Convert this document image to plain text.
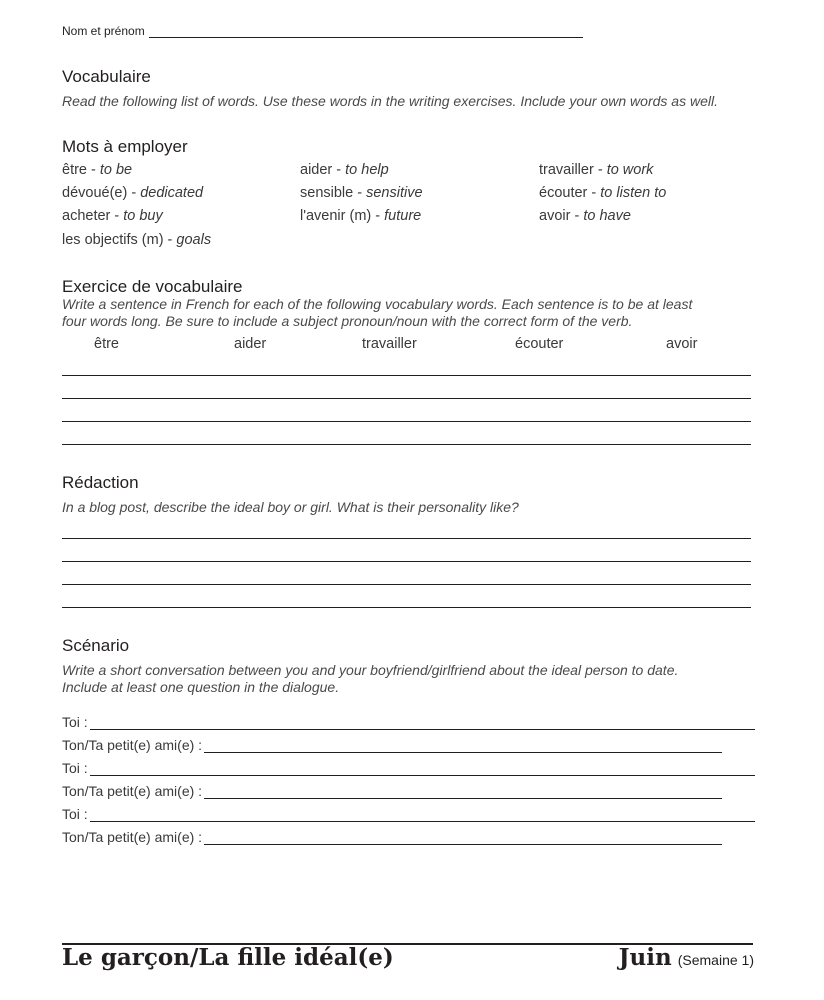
Nom et prénom
Vocabulaire
Read the following list of words. Use these words in the writing exercises. Include your own words as well.
Mots à employer
être - to be	aider - to help	travailler - to work
dévoué(e) - dedicated	sensible - sensitive	écouter - to listen to
acheter - to buy	l'avenir (m) - future	avoir - to have
les objectifs (m) - goals
Exercice de vocabulaire
Write a sentence in French for each of the following vocabulary words. Each sentence is to be at least
four words long. Be sure to include a subject pronoun/noun with the correct form of the verb.
être	aider	travailler	écouter	avoir
Rédaction
In a blog post, describe the ideal boy or girl. What is their personality like?
Scénario
Write a short conversation between you and your boyfriend/girlfriend about the ideal person to date.
Include at least one question in the dialogue.
Toi :
Ton/Ta petit(e) ami(e) :
Toi :
Ton/Ta petit(e) ami(e) :
Toi :
Ton/Ta petit(e) ami(e) :
Le garçon/La fille idéal(e)	Juin (Semaine 1)
